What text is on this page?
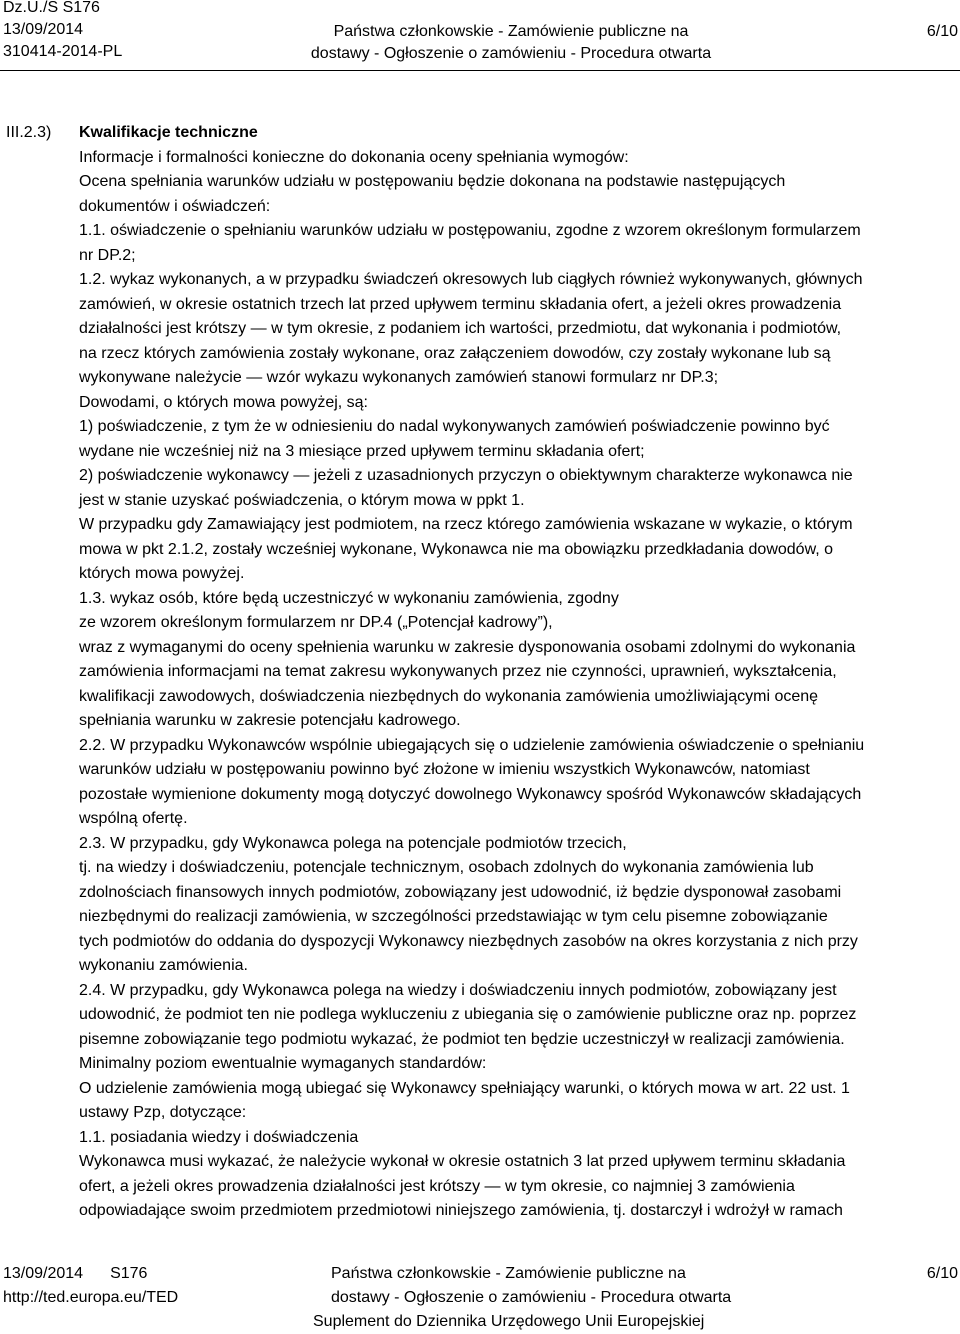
Dz.U./S S176
13/09/2014
310414-2014-PL
Państwa członkowskie - Zamówienie publiczne na
dostawy - Ogłoszenie o zamówieniu - Procedura otwarta
6/10
III.2.3) Kwalifikacje techniczne
Informacje i formalności konieczne do dokonania oceny spełniania wymogów:
Ocena spełniania warunków udziału w postępowaniu będzie dokonana na podstawie następujących
dokumentów i oświadczeń:
1.1. oświadczenie o spełnianiu warunków udziału w postępowaniu, zgodne z wzorem określonym formularzem
nr DP.2;
1.2. wykaz wykonanych, a w przypadku świadczeń okresowych lub ciągłych również wykonywanych, głównych
zamówień, w okresie ostatnich trzech lat przed upływem terminu składania ofert, a jeżeli okres prowadzenia
działalności jest krótszy — w tym okresie, z podaniem ich wartości, przedmiotu, dat wykonania i podmiotów,
na rzecz których zamówienia zostały wykonane, oraz załączeniem dowodów, czy zostały wykonane lub są
wykonywane należycie — wzór wykazu wykonanych zamówień stanowi formularz nr DP.3;
Dowodami, o których mowa powyżej, są:
1) poświadczenie, z tym że w odniesieniu do nadal wykonywanych zamówień poświadczenie powinno być
wydane nie wcześniej niż na 3 miesiące przed upływem terminu składania ofert;
2) poświadczenie wykonawcy — jeżeli z uzasadnionych przyczyn o obiektywnym charakterze wykonawca nie
jest w stanie uzyskać poświadczenia, o którym mowa w ppkt 1.
W przypadku gdy Zamawiający jest podmiotem, na rzecz którego zamówienia wskazane w wykazie, o którym
mowa w pkt 2.1.2, zostały wcześniej wykonane, Wykonawca nie ma obowiązku przedkładania dowodów, o
których mowa powyżej.
1.3. wykaz osób, które będą uczestniczyć w wykonaniu zamówienia, zgodny
ze wzorem określonym formularzem nr DP.4 („Potencjał kadrowy”),
wraz z wymaganymi do oceny spełnienia warunku w zakresie dysponowania osobami zdolnymi do wykonania
zamówienia informacjami na temat zakresu wykonywanych przez nie czynności, uprawnień, wykształcenia,
kwalifikacji zawodowych, doświadczenia niezbędnych do wykonania zamówienia umożliwiającymi ocenę
spełniania warunku w zakresie potencjału kadrowego.
2.2. W przypadku Wykonawców wspólnie ubiegających się o udzielenie zamówienia oświadczenie o spełnianiu
warunków udziału w postępowaniu powinno być złożone w imieniu wszystkich Wykonawców, natomiast
pozostałe wymienione dokumenty mogą dotyczyć dowolnego Wykonawcy spośród Wykonawców składających
wspólną ofertę.
2.3. W przypadku, gdy Wykonawca polega na potencjale podmiotów trzecich,
tj. na wiedzy i doświadczeniu, potencjale technicznym, osobach zdolnych do wykonania zamówienia lub
zdolnościach finansowych innych podmiotów, zobowiązany jest udowodnić, iż będzie dysponował zasobami
niezbędnymi do realizacji zamówienia, w szczególności przedstawiając w tym celu pisemne zobowiązanie
tych podmiotów do oddania do dyspozycji Wykonawcy niezbędnych zasobów na okres korzystania z nich przy
wykonaniu zamówienia.
2.4. W przypadku, gdy Wykonawca polega na wiedzy i doświadczeniu innych podmiotów, zobowiązany jest
udowodnić, że podmiot ten nie podlega wykluczeniu z ubiegania się o zamówienie publiczne oraz np. poprzez
pisemne zobowiązanie tego podmiotu wykazać, że podmiot ten będzie uczestniczył w realizacji zamówienia.
Minimalny poziom ewentualnie wymaganych standardów:
O udzielenie zamówienia mogą ubiegać się Wykonawcy spełniający warunki, o których mowa w art. 22 ust. 1
ustawy Pzp, dotyczące:
1.1. posiadania wiedzy i doświadczenia
Wykonawca musi wykazać, że należycie wykonał w okresie ostatnich 3 lat przed upływem terminu składania
ofert, a jeżeli okres prowadzenia działalności jest krótszy — w tym okresie, co najmniej 3 zamówienia
odpowiadające swoim przedmiotem przedmiotowi niniejszego zamówienia, tj. dostarczył i wdrożył w ramach
13/09/2014 S176
http://ted.europa.eu/TED
Państwa członkowskie - Zamówienie publiczne na
dostawy - Ogłoszenie o zamówieniu - Procedura otwarta
Suplement do Dziennika Urzędowego Unii Europejskiej
6/10
